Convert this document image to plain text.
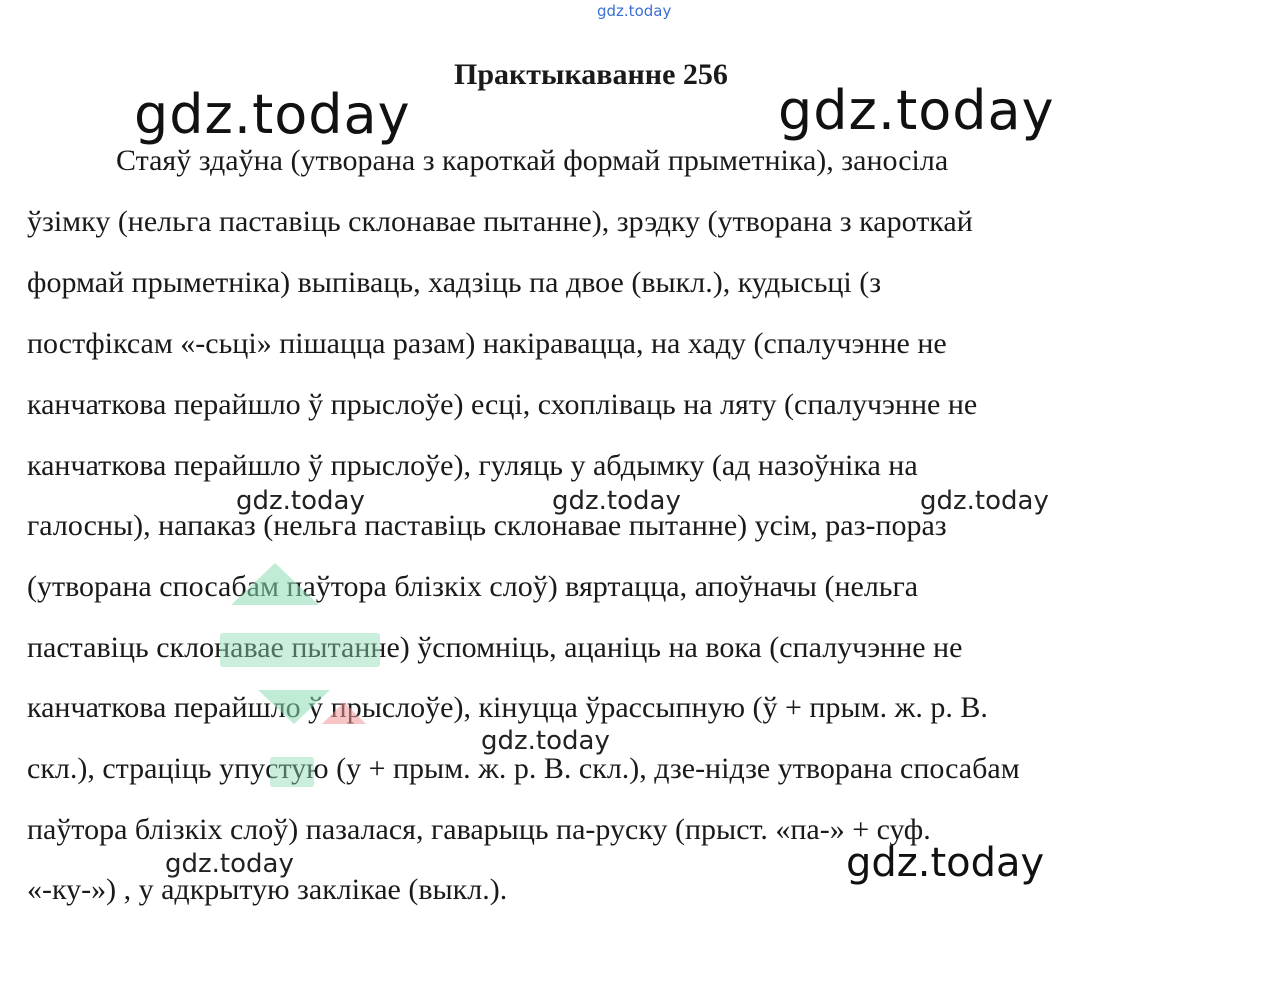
gdz.today
Практыкаванне 256
gdz.today	gdz.today
Стаяў здаўна (утворана з кароткай формай прыметніка), заносіла
ўзімку (нельга паставіць склонавае пытанне), зрэдку (утворана з кароткай
формай прыметніка) выпіваць, хадзіць па двое (выкл.), кудысьці (з
постфіксам «-сьці» пішацца разам) накіравацца, на хаду (спалучэнне не
канчаткова перайшло ў прыслоўе) есці, схопліваць на ляту (спалучэнне не
канчаткова перайшло ў прыслоўе), гуляць у абдымку (ад назоўніка на
галосны), напаказ (нельга паставіць склонавае пытанне) усім, раз-пораз
(утворана спосабам паўтора блізкіх слоў) вяртацца, апоўначы (нельга
паставіць склонавае пытанне) ўспомніць, ацаніць на вока (спалучэнне не
канчаткова перайшло ў прыслоўе), кінуцца ўрассыпную (ў + прым. ж. р. В.
скл.), страціць упустую (у + прым. ж. р. В. скл.), дзе-нідзе утворана спосабам
паўтора блізкіх слоў) пазалася, гаварыць па-руску (прыст. «па-» + суф.
«-ку-») , у адкрытую заклікае (выкл.).
gdz.today	gdz.today	gdz.today
gdz.today
gdz.today	gdz.today
